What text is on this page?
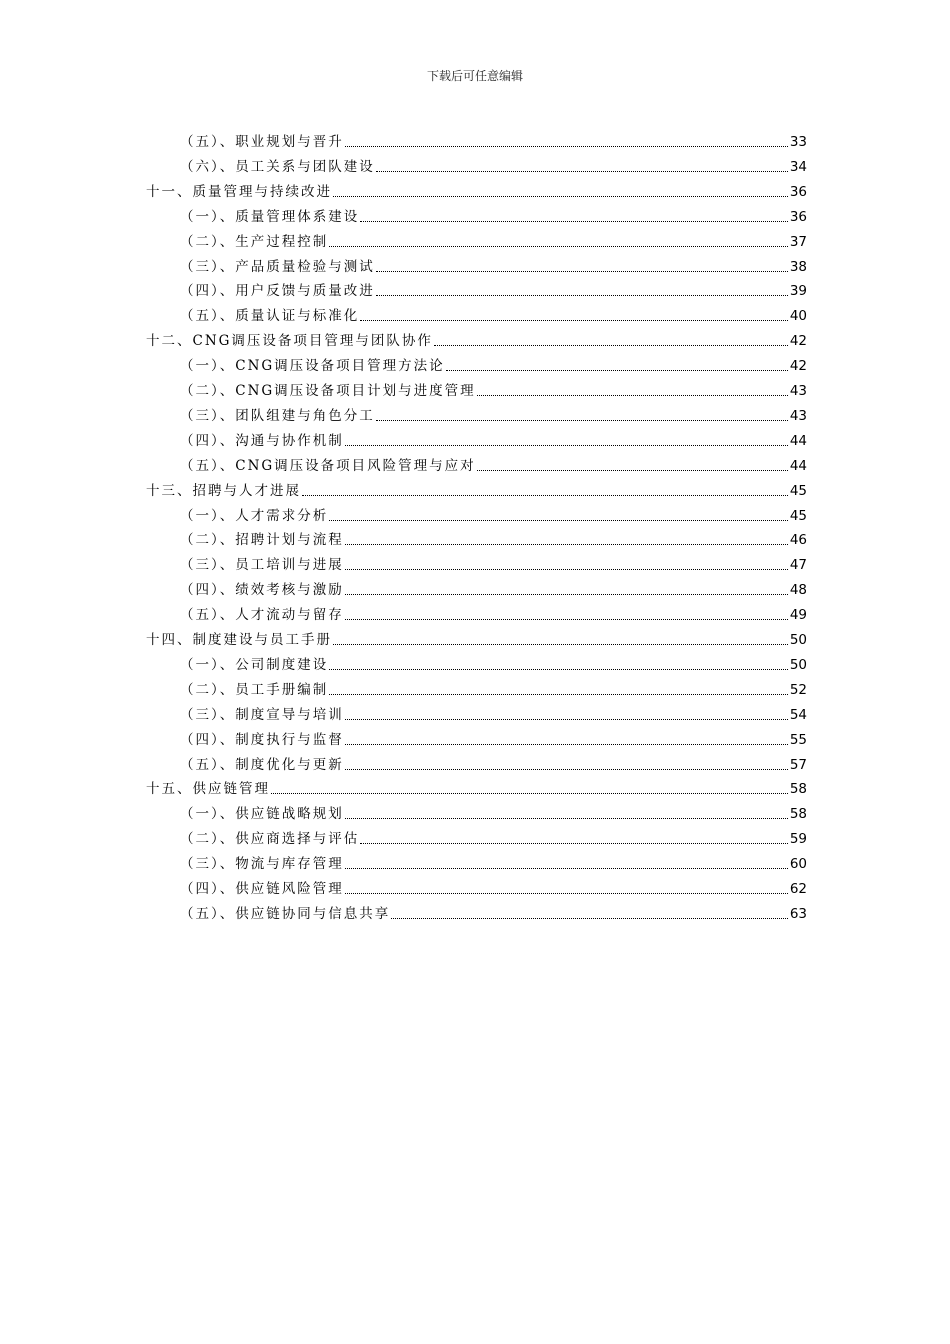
下载后可任意编辑
（五）、职业规划与晋升	33
（六）、员工关系与团队建设	34
十一、质量管理与持续改进	36
（一）、质量管理体系建设	36
（二）、生产过程控制	37
（三）、产品质量检验与测试	38
（四）、用户反馈与质量改进	39
（五）、质量认证与标准化	40
十二、CNG调压设备项目管理与团队协作	42
（一）、CNG调压设备项目管理方法论	42
（二）、CNG调压设备项目计划与进度管理	43
（三）、团队组建与角色分工	43
（四）、沟通与协作机制	44
（五）、CNG调压设备项目风险管理与应对	44
十三、招聘与人才进展	45
（一）、人才需求分析	45
（二）、招聘计划与流程	46
（三）、员工培训与进展	47
（四）、绩效考核与激励	48
（五）、人才流动与留存	49
十四、制度建设与员工手册	50
（一）、公司制度建设	50
（二）、员工手册编制	52
（三）、制度宣导与培训	54
（四）、制度执行与监督	55
（五）、制度优化与更新	57
十五、供应链管理	58
（一）、供应链战略规划	58
（二）、供应商选择与评估	59
（三）、物流与库存管理	60
（四）、供应链风险管理	62
（五）、供应链协同与信息共享	63
